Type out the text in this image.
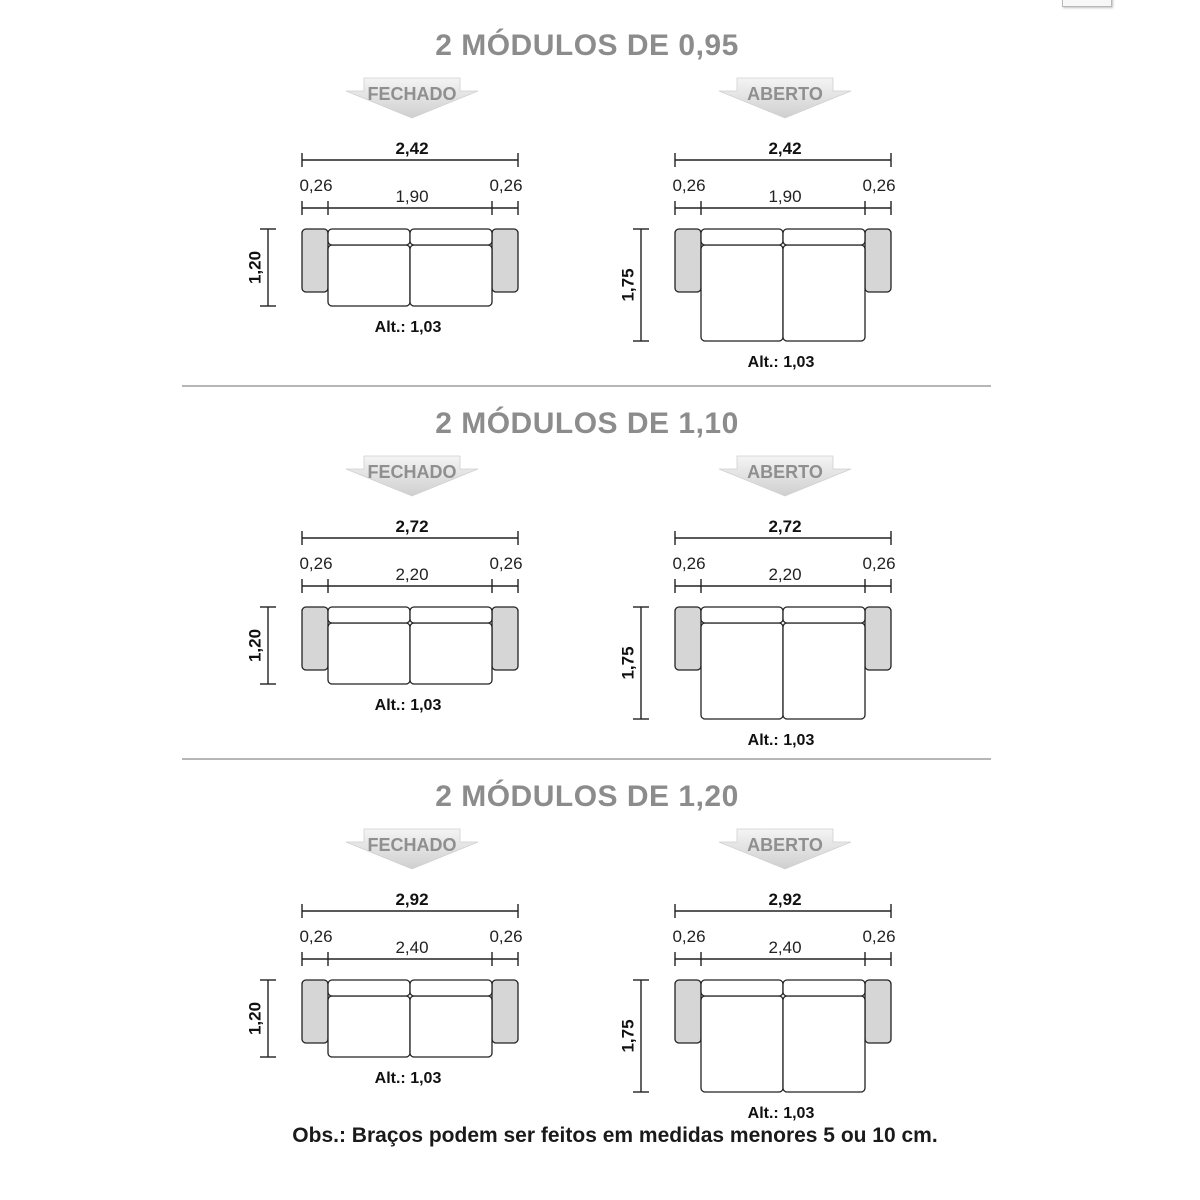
2 MÓDULOS DE 0,95
FECHADO
2,42
0,26
1,90
0,26
1,20
Alt.: 1,03
ABERTO
2,42
0,26
1,90
0,26
1,75
Alt.: 1,03
2 MÓDULOS DE 1,10
FECHADO
2,72
0,26
2,20
0,26
1,20
Alt.: 1,03
ABERTO
2,72
0,26
2,20
0,26
1,75
Alt.: 1,03
2 MÓDULOS DE 1,20
FECHADO
2,92
0,26
2,40
0,26
1,20
Alt.: 1,03
ABERTO
2,92
0,26
2,40
0,26
1,75
Alt.: 1,03
Obs.: Braços podem ser feitos em medidas menores 5 ou 10 cm.
